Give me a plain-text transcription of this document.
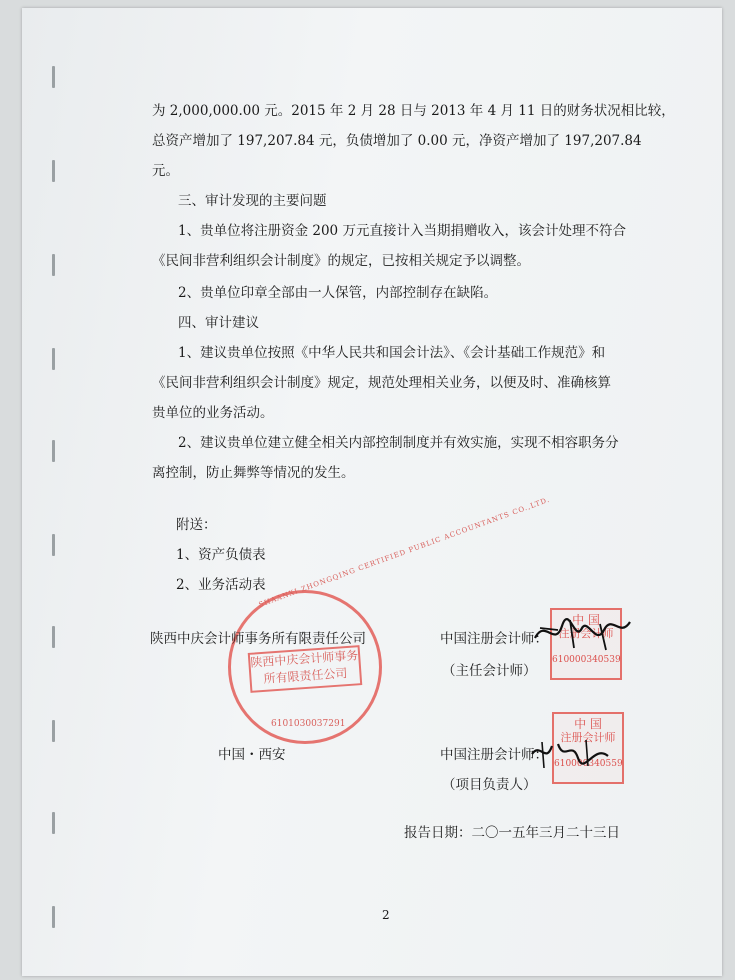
为 2,000,000.00 元。2015 年 2 月 28 日与 2013 年 4 月 11 日的财务状况相比较，
总资产增加了 197,207.84 元，负债增加了 0.00 元，净资产增加了 197,207.84
元。
三、审计发现的主要问题
1、贵单位将注册资金 200 万元直接计入当期捐赠收入，该会计处理不符合
《民间非营利组织会计制度》的规定，已按相关规定予以调整。
2、贵单位印章全部由一人保管，内部控制存在缺陷。
四、审计建议
1、建议贵单位按照《中华人民共和国会计法》、《会计基础工作规范》和
《民间非营利组织会计制度》规定，规范处理相关业务，以便及时、准确核算
贵单位的业务活动。
2、建议贵单位建立健全相关内部控制制度并有效实施，实现不相容职务分
离控制，防止舞弊等情况的发生。
附送：
1、资产负债表
2、业务活动表
陕西中庆会计师事务所有限责任公司
6101030037291
陕西中庆会计师事务所有限责任公司	中国注册会计师：
（主任会计师）
中 国
注册会计师
610000340539
中国・西安	中国注册会计师：
（项目负责人）
中 国
注册会计师
610000340559
报告日期：二〇一五年三月二十三日
2
